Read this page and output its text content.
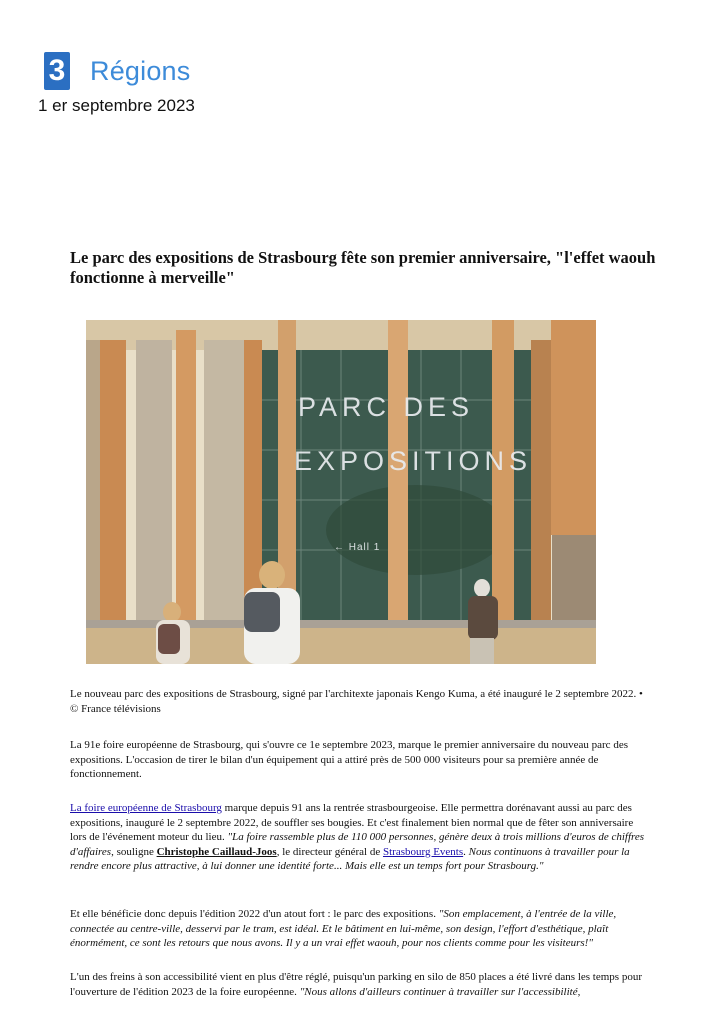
3 Régions
1 er septembre 2023
Le parc des expositions de Strasbourg fête son premier anniversaire, "l'effet waouh fonctionne à merveille"
PARC DES
EXPOSITIONS
← Hall 1

Le nouveau parc des expositions de Strasbourg, signé par l'architexte japonais Kengo Kuma, a été inauguré le 2 septembre 2022. • © France télévisions

La 91e foire européenne de Strasbourg, qui s'ouvre ce 1e septembre 2023, marque le premier anniversaire du nouveau parc des expositions. L'occasion de tirer le bilan d'un équipement qui a attiré près de 500 000 visiteurs pour sa première année de fonctionnement.

La foire européenne de Strasbourg marque depuis 91 ans la rentrée strasbourgeoise. Elle permettra dorénavant aussi au parc des expositions, inauguré le 2 septembre 2022, de souffler ses bougies. Et c'est finalement bien normal que de fêter son anniversaire lors de l'événement moteur du lieu. "La foire rassemble plus de 110 000 personnes, génère deux à trois millions d'euros de chiffres d'affaires, souligne Christophe Caillaud-Joos, le directeur général de Strasbourg Events. Nous continuons à travailler pour la rendre encore plus attractive, à lui donner une identité forte... Mais elle est un temps fort pour Strasbourg."

Et elle bénéficie donc depuis l'édition 2022 d'un atout fort : le parc des expositions. "Son emplacement, à l'entrée de la ville, connectée au centre-ville, desservi par le tram, est idéal. Et le bâtiment en lui-même, son design, l'effort d'esthétique, plaît énormément, ce sont les retours que nous avons. Il y a un vrai effet waouh, pour nos clients comme pour les visiteurs!"

L'un des freins à son accessibilité vient en plus d'être réglé, puisqu'un parking en silo de 850 places a été livré dans les temps pour l'ouverture de l'édition 2023 de la foire européenne. "Nous allons d'ailleurs continuer à travailler sur l'accessibilité,
